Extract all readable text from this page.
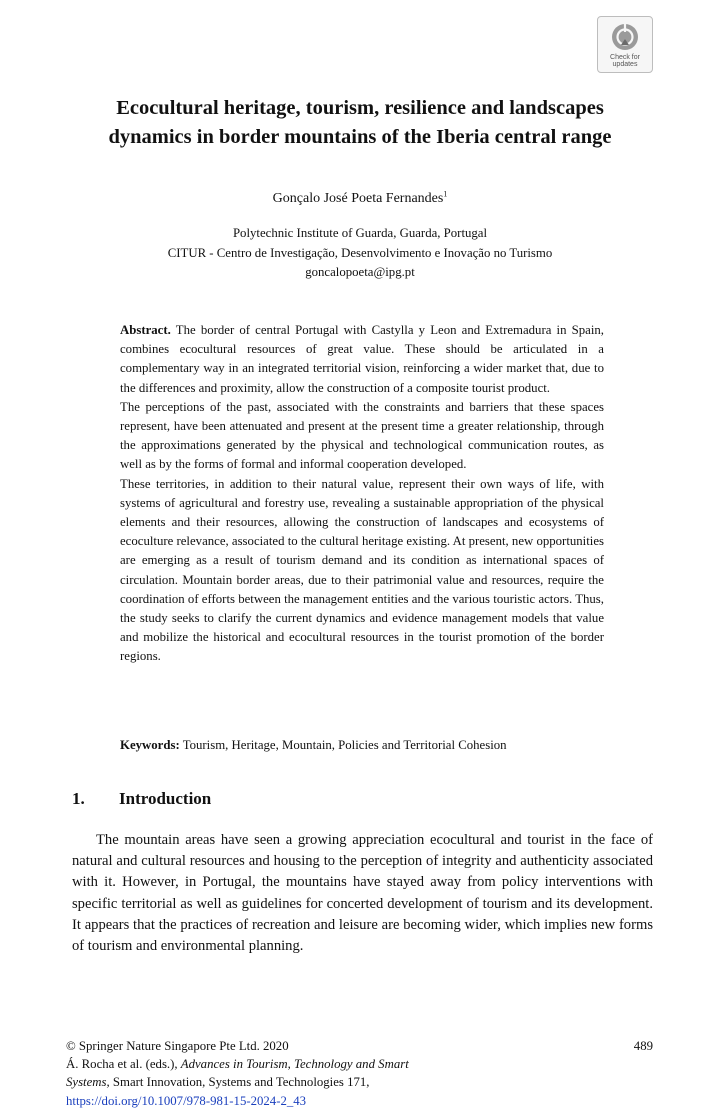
Check for
updates
Ecocultural heritage, tourism, resilience and landscapes
dynamics in border mountains of the Iberia central range
Gonçalo José Poeta Fernandes$^1$
Polytechnic Institute of Guarda, Guarda, Portugal
CITUR - Centro de Investigação, Desenvolvimento e Inovação no Turismo
goncalopoeta@ipg.pt

Abstract. The border of central Portugal with Castylla y Leon and Extremadura in Spain, combines ecocultural resources of great value. These should be articulated in a complementary way in an integrated territorial vision, reinforcing a wider market that, due to the differences and proximity, allow the construction of a composite tourist product.

The perceptions of the past, associated with the constraints and barriers that these spaces represent, have been attenuated and present at the present time a greater relationship, through the approximations generated by the physical and technological communication routes, as well as by the forms of formal and informal cooperation developed.

These territories, in addition to their natural value, represent their own ways of life, with systems of agricultural and forestry use, revealing a sustainable appropriation of the physical elements and their resources, allowing the construction of landscapes and ecosystems of ecoculture relevance, associated to the cultural heritage existing. At present, new opportunities are emerging as a result of tourism demand and its condition as international spaces of circulation. Mountain border areas, due to their patrimonial value and resources, require the coordination of efforts between the management entities and the various touristic actors. Thus, the study seeks to clarify the current dynamics and evidence management models that value and mobilize the historical and ecocultural resources in the tourist promotion of the border regions.

Keywords: Tourism, Heritage, Mountain, Policies and Territorial Cohesion
1. Introduction

The mountain areas have seen a growing appreciation ecocultural and tourist in the face of natural and cultural resources and housing to the perception of integrity and authenticity associated with it. However, in Portugal, the mountains have stayed away from policy interventions with specific territorial as well as guidelines for concerted development of tourism and its development. It appears that the practices of recreation and leisure are becoming wider, which implies new forms of tourism and environmental planning.

© Springer Nature Singapore Pte Ltd. 2020
Á. Rocha et al. (eds.), Advances in Tourism, Technology and Smart
Systems, Smart Innovation, Systems and Technologies 171,
https://doi.org/10.1007/978-981-15-2024-2_43
489
